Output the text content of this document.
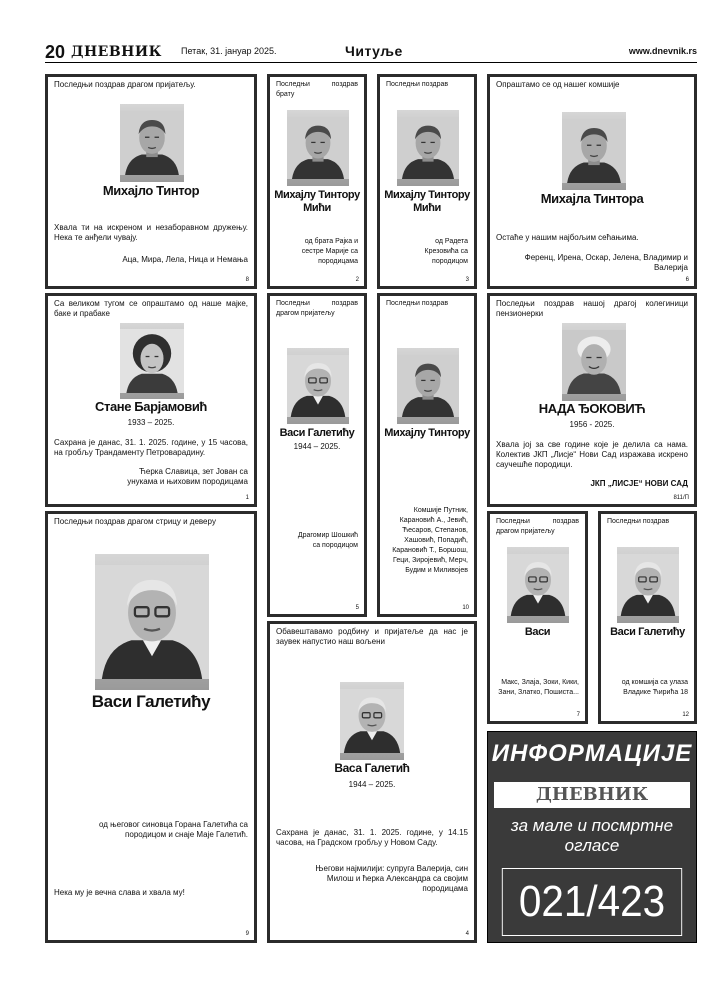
20 ДНЕВНИК Петак, 31. јануар 2025.	Читуље	www.dnevnik.rs
Последњи поздрав драгом пријатељу.
Михајло Тинтор
Хвала ти на искреном и незаборавном дружењу. Нека те анђели чувају.
Аца, Мира, Лела, Ница и Немања
8
Последњи поздрав брату
Михајлу Тинтору Мићи
од брата Рајка и сестре Марије са породицама
2
Последњи поздрав
Михајлу Тинтору Мићи
од Радета Крезовића са породицом
3
Опраштамо се од нашег комшије
Михајла Тинтора
Остаће у нашим најбољим сећањима.
Ференц, Ирена, Оскар, Јелена, Владимир и Валерија
6
Са великом тугом се опраштамо од наше мајке, баке и прабаке
Стане Барјамовић
1933 – 2025.
Сахрана је данас, 31. 1. 2025. године, у 15 часова, на гробљу Трандаменту Петроварадину.
Ћерка Славица, зет Јован са унукама и њиховим породицама
1
Последњи поздрав драгом пријатељу
Васи Галетићу
1944 – 2025.
Драгомир Шошкић са породицом
5
Последњи поздрав
Михајлу Тинтору
Комшије Путник, Карановић А., Јевић, Ћесаров, Степанов, Хашовић, Попадић, Карановић Т., Боршош, Геци, Зиројевић, Мерч, Будим и Миливојев
10
Последњи поздрав нашој драгој колегиници пензионерки
НАДА ЂОКОВИЋ
1956 - 2025.
Хвала јој за све године које је делила са нама. Колектив ЈКП „Лисје“ Нови Сад изражава искрено саучешће породици.
ЈКП „ЛИСЈЕ“ НОВИ САД
811/П
Последњи поздрав драгом стрицу и девеpу
Васи Галетићу
од његовог синовца Горана Галетића са породицом и снаје Маје Галетић.
Нека му је вечна слава и хвала му!
9
Обавештавамо родбину и пријатеље да нас је заувек напустио наш вољени
Васа Галетић
1944 – 2025.
Сахрана је данас, 31. 1. 2025. године, у 14.15 часова, на Градском гробљу у Новом Саду.
Његови најмилији: супруга Валерија, син Милош и ћерка Александра са својим породицама
4
Последњи поздрав драгом пријатељу
Васи
Макс, Злаја, Зоки, Кики, Зани, Златко, Пошиста...
7
Последњи поздрав
Васи Галетићу
од комшија са улаза Владике Ћирића 18
12
ИНФОРМАЦИЈЕ
ДНЕВНИК
за мале и посмртне огласе
021/423 761
